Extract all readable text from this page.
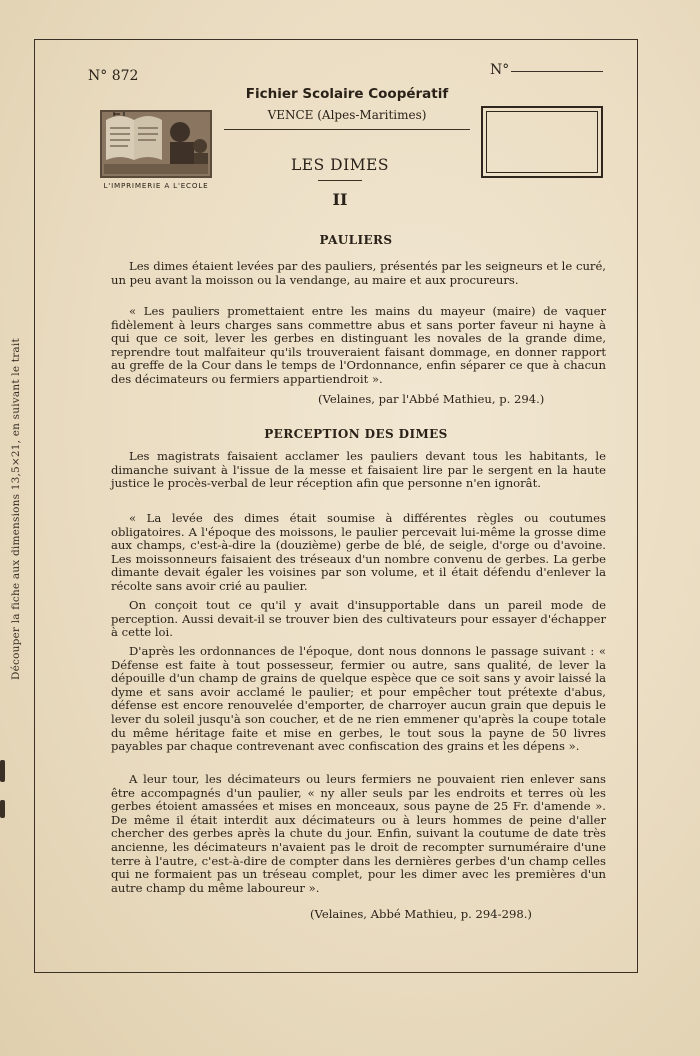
Découper la fiche aux dimensions 13,5×21, en suivant le trait
N° 872	N°
L'IMPRIMERIE A L'ECOLE
Fichier Scolaire Coopératif
VENCE (Alpes-Maritimes)
LES DIMES
II
PAULIERS
Les dimes étaient levées par des pauliers, présentés par les seigneurs et le curé, un peu avant la moisson ou la vendange, au maire et aux procureurs.
« Les pauliers promettaient entre les mains du mayeur (maire) de vaquer fidèlement à leurs charges sans commettre abus et sans porter faveur ni hayne à qui que ce soit, lever les gerbes en distinguant les novales de la grande dime, reprendre tout malfaiteur qu'ils trouveraient faisant dommage, en donner rapport au greffe de la Cour dans le temps de l'Ordonnance, enfin séparer ce que à chacun des décimateurs ou fermiers appartiendroit ».
(Velaines, par l'Abbé Mathieu, p. 294.)
PERCEPTION DES DIMES
Les magistrats faisaient acclamer les pauliers devant tous les habitants, le dimanche suivant à l'issue de la messe et faisaient lire par le sergent en la haute justice le procès-verbal de leur réception afin que personne n'en ignorât.
« La levée des dimes était soumise à différentes règles ou coutumes obligatoires. A l'époque des moissons, le paulier percevait lui-même la grosse dime aux champs, c'est-à-dire la (douzième) gerbe de blé, de seigle, d'orge ou d'avoine. Les moissonneurs faisaient des tréseaux d'un nombre convenu de gerbes. La gerbe dimante devait égaler les voisines par son volume, et il était défendu d'enlever la récolte sans avoir crié au paulier.
On conçoit tout ce qu'il y avait d'insupportable dans un pareil mode de perception. Aussi devait-il se trouver bien des cultivateurs pour essayer d'échapper à cette loi.
D'après les ordonnances de l'époque, dont nous donnons le passage suivant : « Défense est faite à tout possesseur, fermier ou autre, sans qualité, de lever la dépouille d'un champ de grains de quelque espèce que ce soit sans y avoir laissé la dyme et sans avoir acclamé le paulier; et pour empêcher tout prétexte d'abus, défense est encore renouvelée d'emporter, de charroyer aucun grain que depuis le lever du soleil jusqu'à son coucher, et de ne rien emmener qu'après la coupe totale du même héritage faite et mise en gerbes, le tout sous la payne de 50 livres payables par chaque contrevenant avec confiscation des grains et les dépens ».
A leur tour, les décimateurs ou leurs fermiers ne pouvaient rien enlever sans être accompagnés d'un paulier, « ny aller seuls par les endroits et terres où les gerbes étoient amassées et mises en monceaux, sous payne de 25 Fr. d'amende ». De même il était interdit aux décimateurs ou à leurs hommes de peine d'aller chercher des gerbes après la chute du jour. Enfin, suivant la coutume de date très ancienne, les décimateurs n'avaient pas le droit de recompter surnuméraire d'une terre à l'autre, c'est-à-dire de compter dans les dernières gerbes d'un champ celles qui ne formaient pas un tréseau complet, pour les dimer avec les premières d'un autre champ du même laboureur ».
(Velaines, Abbé Mathieu, p. 294-298.)
